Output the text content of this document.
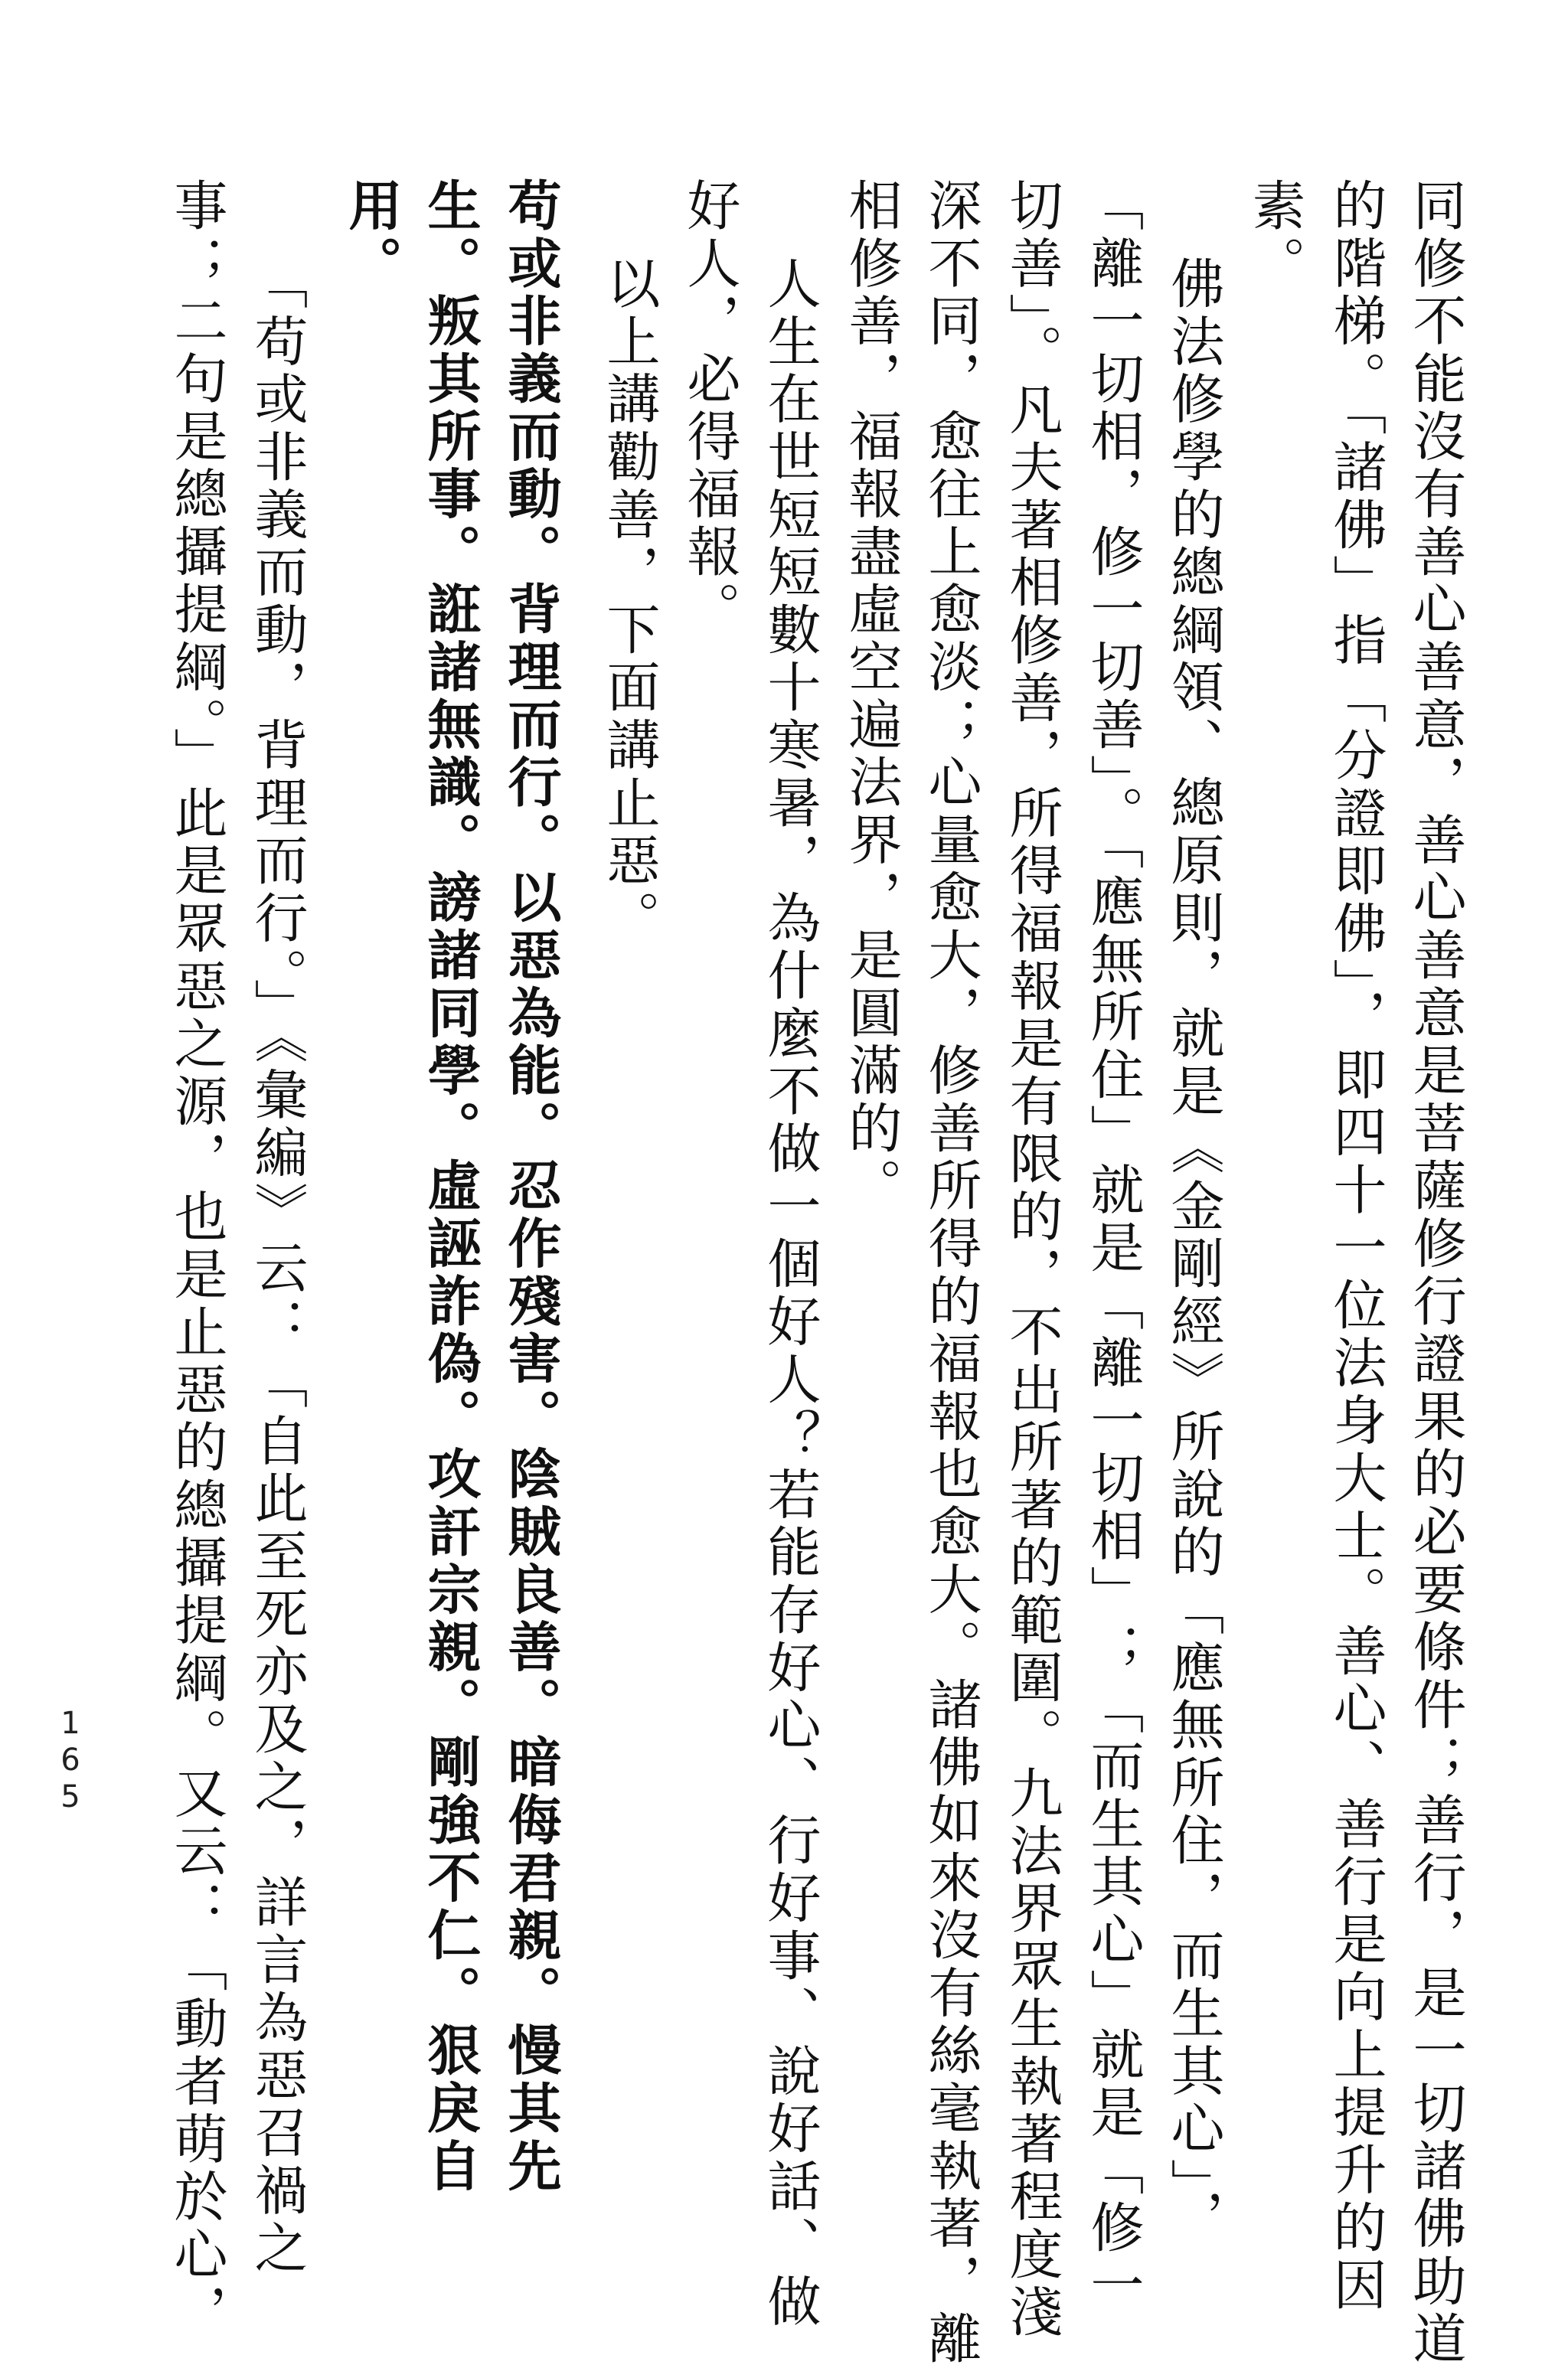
同修不能沒有善心善意，善心善意是菩薩修行證果的必要條件；善行，是一切諸佛助道
的階梯。「諸佛」指「分證即佛」，即四十一位法身大士。善心、善行是向上提升的因
素。
佛法修學的總綱領、總原則，就是《金剛經》所說的「應無所住，而生其心」，
「離一切相，修一切善」。「應無所住」就是「離一切相」；「而生其心」就是「修一
切善」。凡夫著相修善，所得福報是有限的，不出所著的範圍。九法界眾生執著程度淺
深不同，愈往上愈淡；心量愈大，修善所得的福報也愈大。諸佛如來沒有絲毫執著，離
相修善，福報盡虛空遍法界，是圓滿的。
人生在世短短數十寒暑，為什麼不做一個好人？若能存好心、行好事、說好話、做
好人，必得福報。
以上講勸善，下面講止惡。
苟或非義而動。背理而行。以惡為能。忍作殘害。陰賊良善。暗侮君親。慢其先
生。叛其所事。誑諸無識。謗諸同學。虛誣詐偽。攻訐宗親。剛強不仁。狠戾自
用。
「苟或非義而動，背理而行。」《彙編》云：「自此至死亦及之，詳言為惡召禍之
事；二句是總攝提綱。」此是眾惡之源，也是止惡的總攝提綱。又云：「動者萌於心，
165
